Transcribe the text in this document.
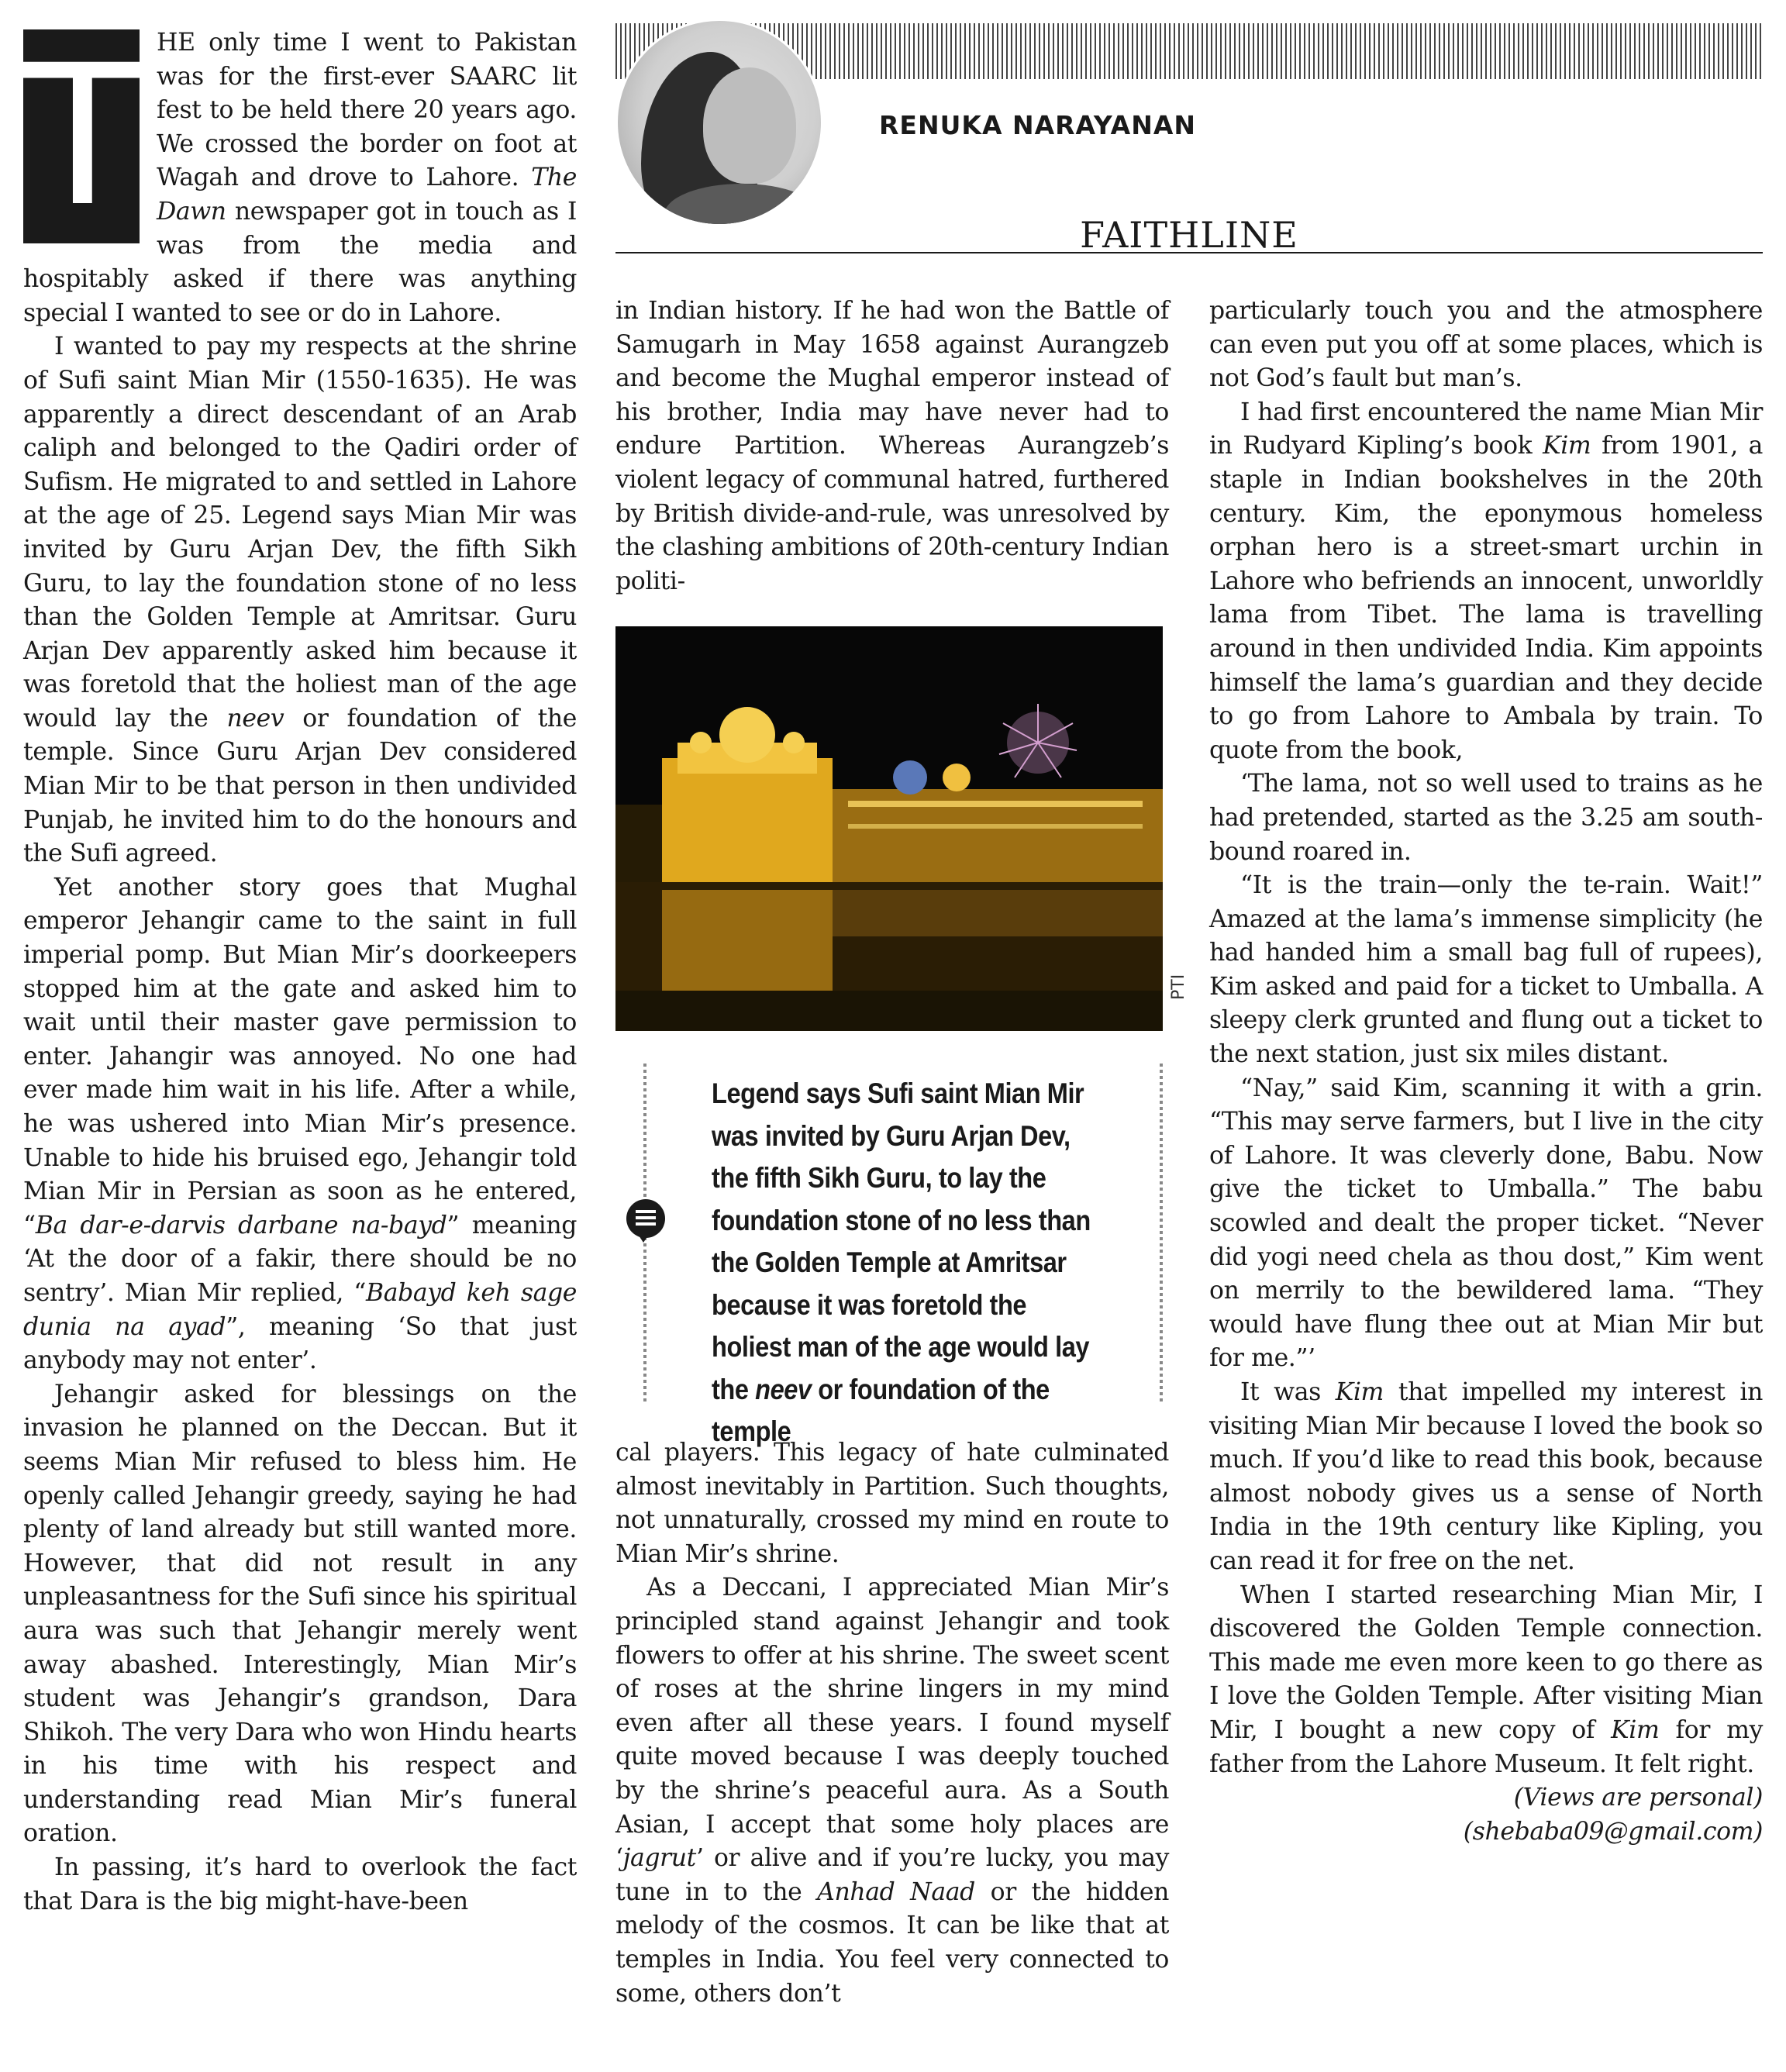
RENUKA NARAYANAN
FAITHLINE

T HE only time I went to Pakistan was for the first-ever SAARC lit fest to be held there 20 years ago. We crossed the border on foot at Wagah and drove to Lahore. The Dawn newspaper got in touch as I was from the media and hospitably asked if there was anything special I wanted to see or do in Lahore.

I wanted to pay my respects at the shrine of Sufi saint Mian Mir (1550-1635). He was apparently a direct descendant of an Arab caliph and belonged to the Qadiri order of Sufism. He migrated to and settled in Lahore at the age of 25. Legend says Mian Mir was invited by Guru Arjan Dev, the fifth Sikh Guru, to lay the foundation stone of no less than the Golden Temple at Amritsar. Guru Arjan Dev apparently asked him because it was foretold that the holiest man of the age would lay the neev or foundation of the temple. Since Guru Arjan Dev considered Mian Mir to be that person in then undivided Punjab, he invited him to do the honours and the Sufi agreed.

Yet another story goes that Mughal emperor Jehangir came to the saint in full imperial pomp. But Mian Mir’s doorkeepers stopped him at the gate and asked him to wait until their master gave permission to enter. Jahangir was annoyed. No one had ever made him wait in his life. After a while, he was ushered into Mian Mir’s presence. Unable to hide his bruised ego, Jehangir told Mian Mir in Persian as soon as he entered, “Ba dar-e-darvis darbane na-bayd” meaning ‘At the door of a fakir, there should be no sentry’. Mian Mir replied, “Babayd keh sage dunia na ayad”, meaning ‘So that just anybody may not enter’.

Jehangir asked for blessings on the invasion he planned on the Deccan. But it seems Mian Mir refused to bless him. He openly called Jehangir greedy, saying he had plenty of land already but still wanted more. However, that did not result in any unpleasantness for the Sufi since his spiritual aura was such that Jehangir merely went away abashed. Interestingly, Mian Mir’s student was Jehangir’s grandson, Dara Shikoh. The very Dara who won Hindu hearts in his time with his respect and understanding read Mian Mir’s funeral oration.

In passing, it’s hard to overlook the fact that Dara is the big might-have-been

in Indian history. If he had won the Battle of Samugarh in May 1658 against Aurangzeb and become the Mughal emperor instead of his brother, India may have never had to endure Partition. Whereas Aurangzeb’s violent legacy of communal hatred, furthered by British divide-and-rule, was unresolved by the clashing ambitions of 20th-century Indian politi-

PTI
Legend says Sufi saint Mian Mir was invited by Guru Arjan Dev, the fifth Sikh Guru, to lay the foundation stone of no less than the Golden Temple at Amritsar because it was foretold the holiest man of the age would lay the neev or foundation of the temple

cal players. This legacy of hate culminated almost inevitably in Partition. Such thoughts, not unnaturally, crossed my mind en route to Mian Mir’s shrine.

As a Deccani, I appreciated Mian Mir’s principled stand against Jehangir and took flowers to offer at his shrine. The sweet scent of roses at the shrine lingers in my mind even after all these years. I found myself quite moved because I was deeply touched by the shrine’s peaceful aura. As a South Asian, I accept that some holy places are ‘jagrut’ or alive and if you’re lucky, you may tune in to the Anhad Naad or the hidden melody of the cosmos. It can be like that at temples in India. You feel very connected to some, others don’t

particularly touch you and the atmosphere can even put you off at some places, which is not God’s fault but man’s.

I had first encountered the name Mian Mir in Rudyard Kipling’s book Kim from 1901, a staple in Indian bookshelves in the 20th century. Kim, the eponymous homeless orphan hero is a street-smart urchin in Lahore who befriends an innocent, unworldly lama from Tibet. The lama is travelling around in then undivided India. Kim appoints himself the lama’s guardian and they decide to go from Lahore to Ambala by train. To quote from the book,

‘The lama, not so well used to trains as he had pretended, started as the 3.25 am south-bound roared in.

“It is the train—only the te-rain. Wait!” Amazed at the lama’s immense simplicity (he had handed him a small bag full of rupees), Kim asked and paid for a ticket to Umballa. A sleepy clerk grunted and flung out a ticket to the next station, just six miles distant.

“Nay,” said Kim, scanning it with a grin. “This may serve farmers, but I live in the city of Lahore. It was cleverly done, Babu. Now give the ticket to Umballa.” The babu scowled and dealt the proper ticket. “Never did yogi need chela as thou dost,” Kim went on merrily to the bewildered lama. “They would have flung thee out at Mian Mir but for me.”’

It was Kim that impelled my interest in visiting Mian Mir because I loved the book so much. If you’d like to read this book, because almost nobody gives us a sense of North India in the 19th century like Kipling, you can read it for free on the net.

When I started researching Mian Mir, I discovered the Golden Temple connection. This made me even more keen to go there as I love the Golden Temple. After visiting Mian Mir, I bought a new copy of Kim for my father from the Lahore Museum. It felt right.

(Views are personal)

(shebaba09@gmail.com)
